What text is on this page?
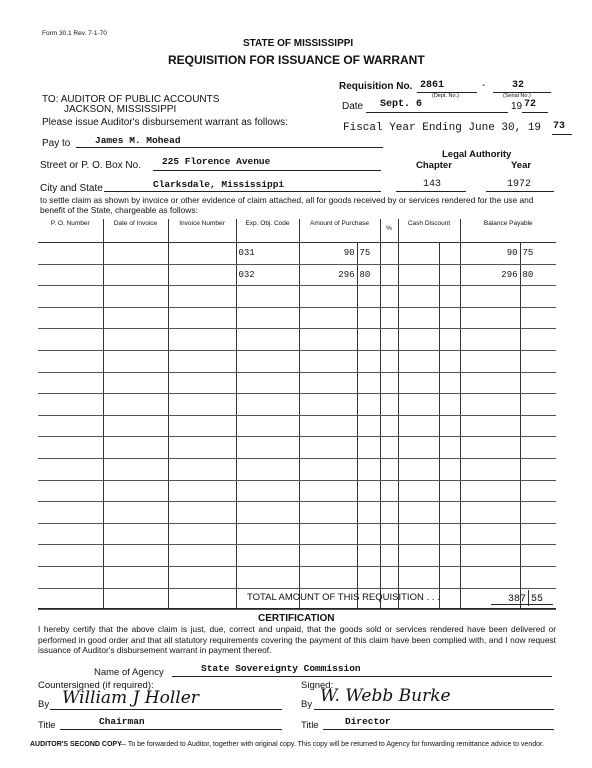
Form 30.1 Rev. 7-1-70
STATE OF MISSISSIPPI
REQUISITION FOR ISSUANCE OF WARRANT
Requisition No. 2861
(Dept. No.)
-	32
(Serial No.)
Date Sept. 6	19 72
Fiscal Year Ending June 30, 19 73
TO: AUDITOR OF PUBLIC ACCOUNTS
JACKSON, MISSISSIPPI
Please issue Auditor's disbursement warrant as follows:
Pay to	James M. Mohead
Street or P. O. Box No. 225 Florence Avenue
Legal Authority
Chapter	Year
City and State	Clarksdale, Mississippi	143	1972
to settle claim as shown by invoice or other evidence of claim attached, all for goods received by or services rendered for the use and benefit of the State, chargeable as follows:
P. O. Number	Date of Invoice	Invoice Number	Exp. Obj. Code	Amount of Purchase		%	Cash Discount		Balance Payable	
			031	90	75				90	75
			032	296	80				296	80

TOTAL AMOUNT OF THIS REQUISITION . . .	387 55
CERTIFICATION
I hereby certify that the above claim is just, due, correct and unpaid, that the goods sold or services rendered have been delivered or performed in good order and that all statutory requirements covering the payment of this claim have been complied with, and I now request issuance of Auditor's disbursement warrant in payment thereof.
Name of Agency	State Sovereignty Commission
Countersigned (if required):	Signed:
By William J Holler	By W. Webb Burke
Title	Chairman	Title	Director
AUDITOR'S SECOND COPY
— To be forwarded to Auditor, together with original copy. This copy will be returned to Agency for forwarding remittance advice to vendor.
